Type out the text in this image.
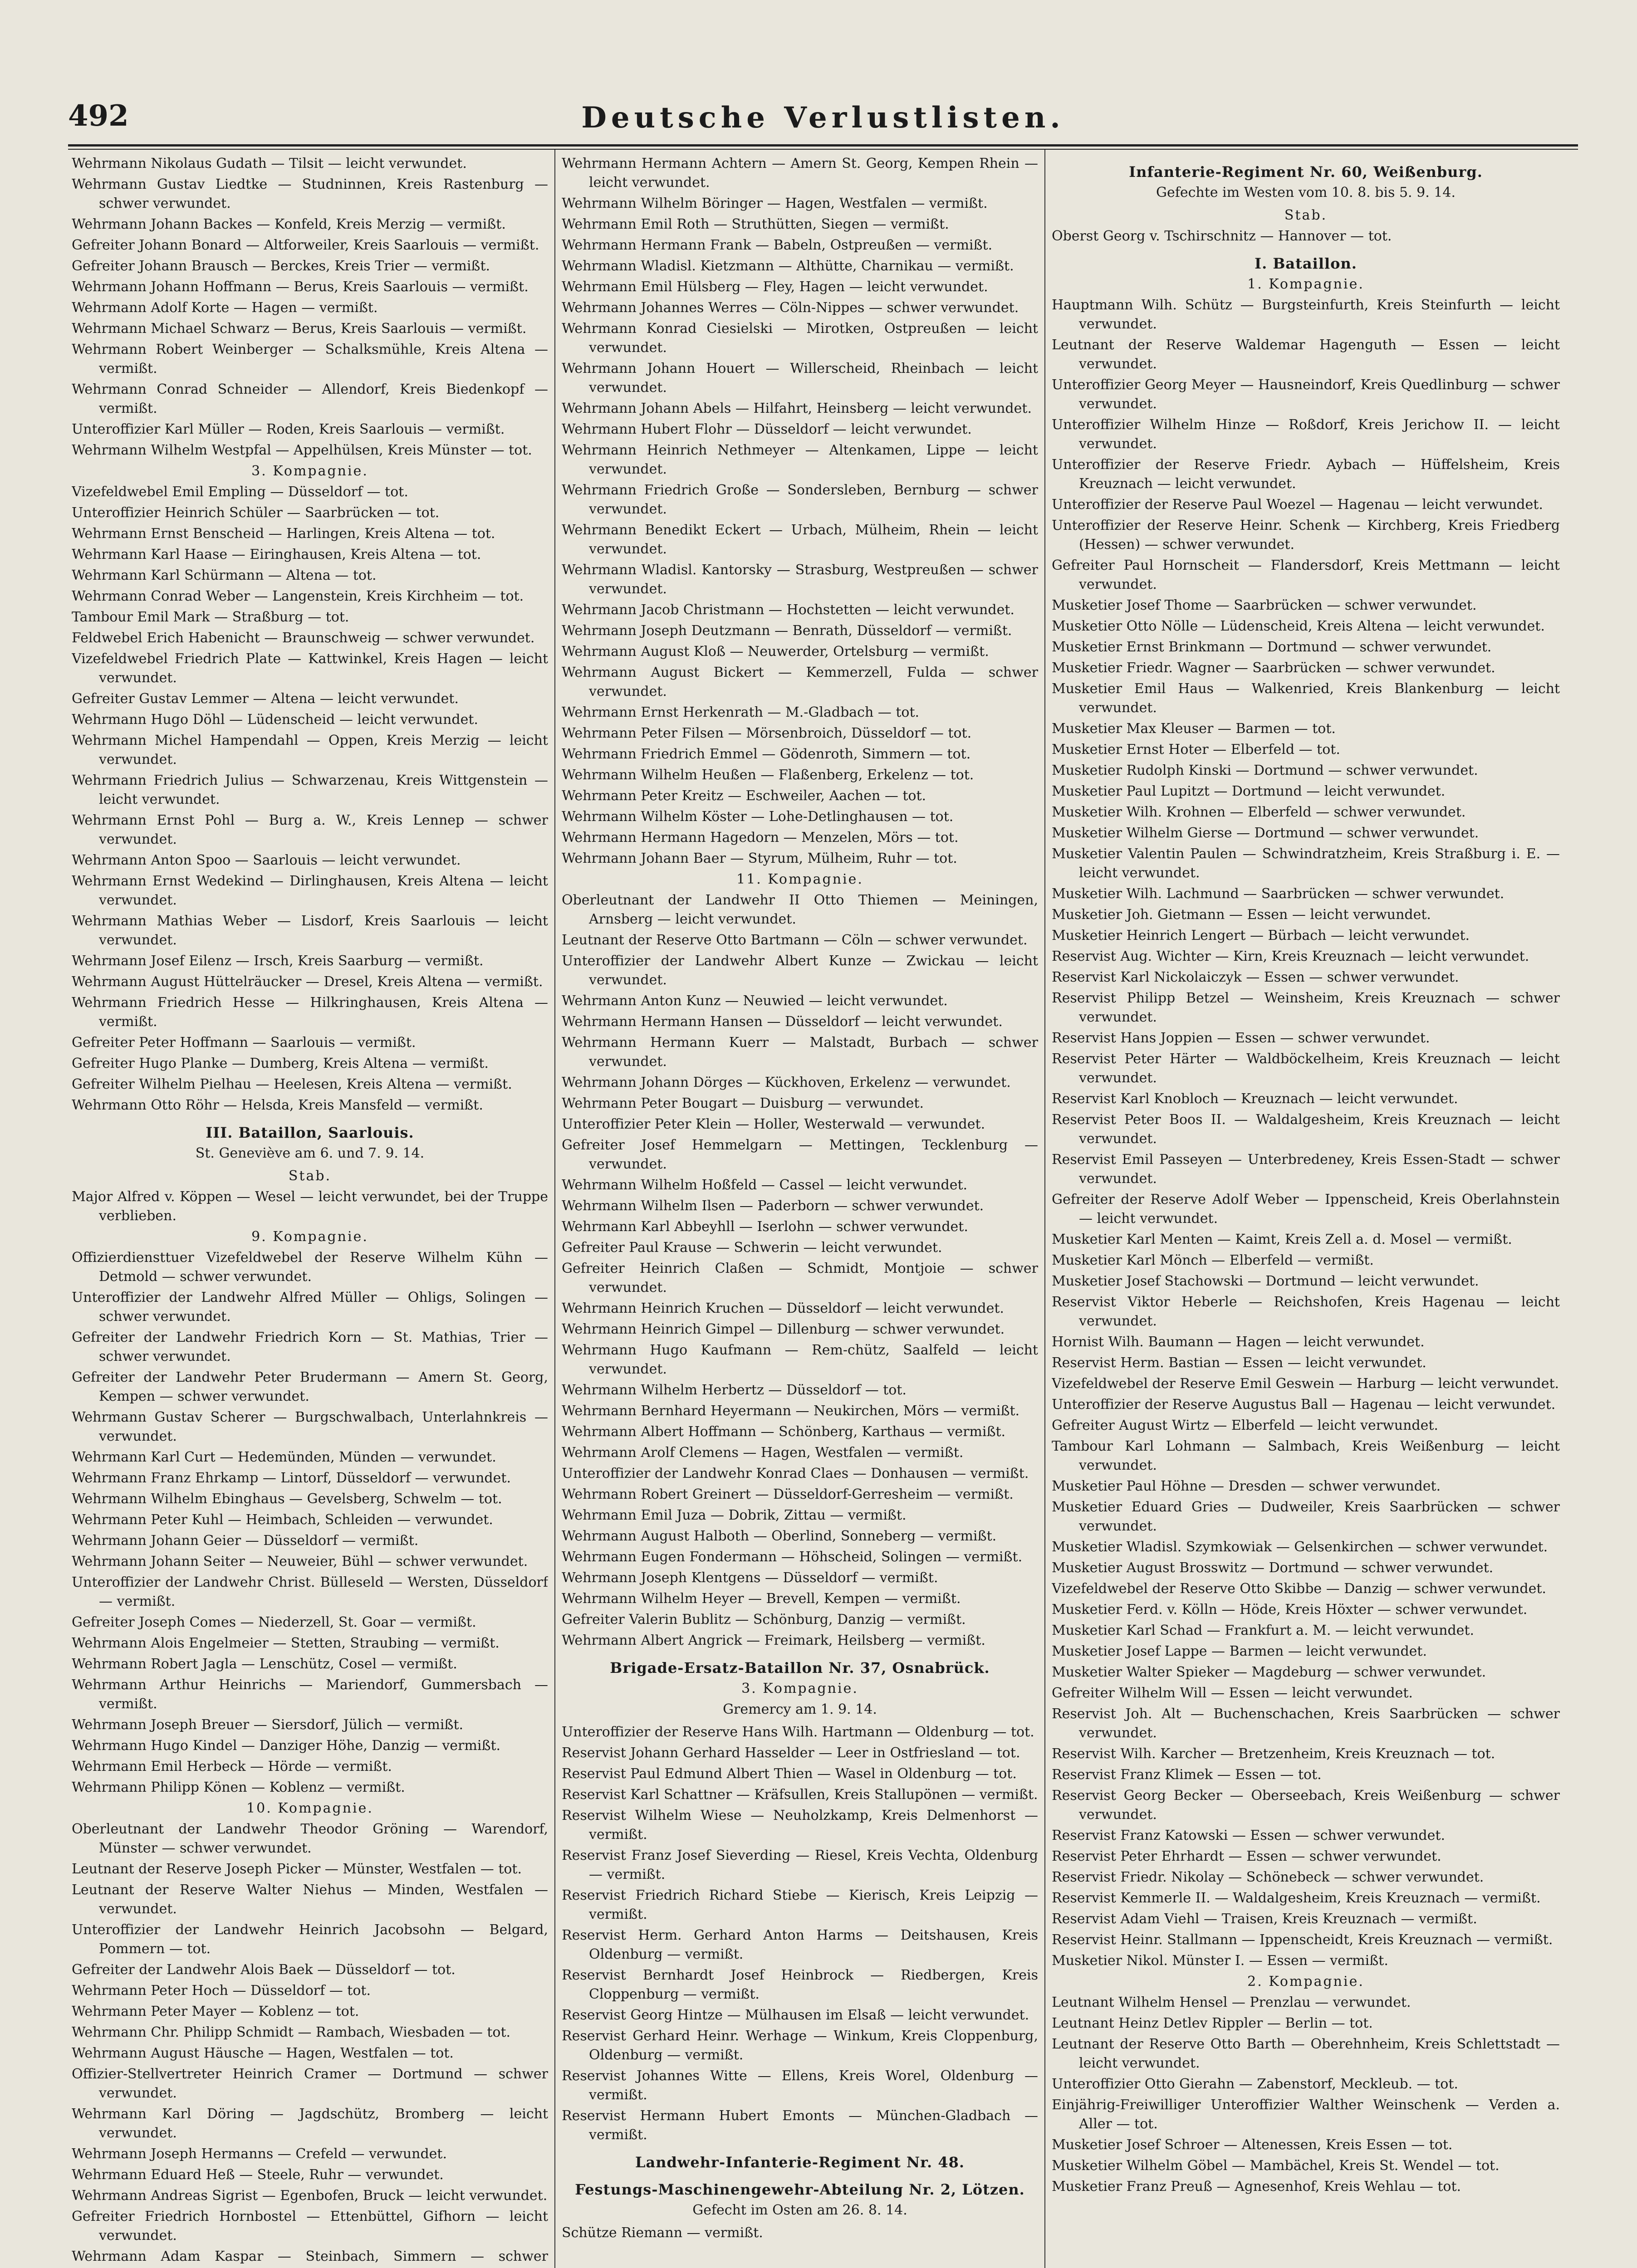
492	Deutsche Verlustlisten.

Wehrmann Nikolaus Gudath — Tilsit — leicht verwundet.

Wehrmann Gustav Liedtke — Studninnen, Kreis Rastenburg — schwer verwundet.

Wehrmann Johann Backes — Konfeld, Kreis Merzig — vermißt.

Gefreiter Johann Bonard — Altforweiler, Kreis Saarlouis — vermißt.

Gefreiter Johann Brausch — Berckes, Kreis Trier — vermißt.

Wehrmann Johann Hoffmann — Berus, Kreis Saarlouis — vermißt.

Wehrmann Adolf Korte — Hagen — vermißt.

Wehrmann Michael Schwarz — Berus, Kreis Saarlouis — vermißt.

Wehrmann Robert Weinberger — Schalksmühle, Kreis Altena — vermißt.

Wehrmann Conrad Schneider — Allendorf, Kreis Biedenkopf — vermißt.

Unteroffizier Karl Müller — Roden, Kreis Saarlouis — vermißt.

Wehrmann Wilhelm Westpfal — Appelhülsen, Kreis Münster — tot.

3. Kompagnie.

Vizefeldwebel Emil Empling — Düsseldorf — tot.

Unteroffizier Heinrich Schüler — Saarbrücken — tot.

Wehrmann Ernst Benscheid — Harlingen, Kreis Altena — tot.

Wehrmann Karl Haase — Eiringhausen, Kreis Altena — tot.

Wehrmann Karl Schürmann — Altena — tot.

Wehrmann Conrad Weber — Langenstein, Kreis Kirchheim — tot.

Tambour Emil Mark — Straßburg — tot.

Feldwebel Erich Habenicht — Braunschweig — schwer verwundet.

Vizefeldwebel Friedrich Plate — Kattwinkel, Kreis Hagen — leicht verwundet.

Gefreiter Gustav Lemmer — Altena — leicht verwundet.

Wehrmann Hugo Döhl — Lüdenscheid — leicht verwundet.

Wehrmann Michel Hampendahl — Oppen, Kreis Merzig — leicht verwundet.

Wehrmann Friedrich Julius — Schwarzenau, Kreis Wittgenstein — leicht verwundet.

Wehrmann Ernst Pohl — Burg a. W., Kreis Lennep — schwer verwundet.

Wehrmann Anton Spoo — Saarlouis — leicht verwundet.

Wehrmann Ernst Wedekind — Dirlinghausen, Kreis Altena — leicht verwundet.

Wehrmann Mathias Weber — Lisdorf, Kreis Saarlouis — leicht verwundet.

Wehrmann Josef Eilenz — Irsch, Kreis Saarburg — vermißt.

Wehrmann August Hüttelräucker — Dresel, Kreis Altena — vermißt.

Wehrmann Friedrich Hesse — Hilkringhausen, Kreis Altena — vermißt.

Gefreiter Peter Hoffmann — Saarlouis — vermißt.

Gefreiter Hugo Planke — Dumberg, Kreis Altena — vermißt.

Gefreiter Wilhelm Pielhau — Heelesen, Kreis Altena — vermißt.

Wehrmann Otto Röhr — Helsda, Kreis Mansfeld — vermißt.

III. Bataillon, Saarlouis.

St. Geneviève am 6. und 7. 9. 14.

Stab.

Major Alfred v. Köppen — Wesel — leicht verwundet, bei der Truppe verblieben.

9. Kompagnie.

Offizierdiensttuer Vizefeldwebel der Reserve Wilhelm Kühn — Detmold — schwer verwundet.

Unteroffizier der Landwehr Alfred Müller — Ohligs, Solingen — schwer verwundet.

Gefreiter der Landwehr Friedrich Korn — St. Mathias, Trier — schwer verwundet.

Gefreiter der Landwehr Peter Brudermann — Amern St. Georg, Kempen — schwer verwundet.

Wehrmann Gustav Scherer — Burgschwalbach, Unterlahnkreis — verwundet.

Wehrmann Karl Curt — Hedemünden, Münden — verwundet.

Wehrmann Franz Ehrkamp — Lintorf, Düsseldorf — verwundet.

Wehrmann Wilhelm Ebinghaus — Gevelsberg, Schwelm — tot.

Wehrmann Peter Kuhl — Heimbach, Schleiden — verwundet.

Wehrmann Johann Geier — Düsseldorf — vermißt.

Wehrmann Johann Seiter — Neuweier, Bühl — schwer verwundet.

Unteroffizier der Landwehr Christ. Bülleseld — Wersten, Düsseldorf — vermißt.

Gefreiter Joseph Comes — Niederzell, St. Goar — vermißt.

Wehrmann Alois Engelmeier — Stetten, Straubing — vermißt.

Wehrmann Robert Jagla — Lenschütz, Cosel — vermißt.

Wehrmann Arthur Heinrichs — Mariendorf, Gummersbach — vermißt.

Wehrmann Joseph Breuer — Siersdorf, Jülich — vermißt.

Wehrmann Hugo Kindel — Danziger Höhe, Danzig — vermißt.

Wehrmann Emil Herbeck — Hörde — vermißt.

Wehrmann Philipp Könen — Koblenz — vermißt.

10. Kompagnie.

Oberleutnant der Landwehr Theodor Gröning — Warendorf, Münster — schwer verwundet.

Leutnant der Reserve Joseph Picker — Münster, Westfalen — tot.

Leutnant der Reserve Walter Niehus — Minden, Westfalen — verwundet.

Unteroffizier der Landwehr Heinrich Jacobsohn — Belgard, Pommern — tot.

Gefreiter der Landwehr Alois Baek — Düsseldorf — tot.

Wehrmann Peter Hoch — Düsseldorf — tot.

Wehrmann Peter Mayer — Koblenz — tot.

Wehrmann Chr. Philipp Schmidt — Rambach, Wiesbaden — tot.

Wehrmann August Häusche — Hagen, Westfalen — tot.

Offizier-Stellvertreter Heinrich Cramer — Dortmund — schwer verwundet.

Wehrmann Karl Döring — Jagdschütz, Bromberg — leicht verwundet.

Wehrmann Joseph Hermanns — Crefeld — verwundet.

Wehrmann Eduard Heß — Steele, Ruhr — verwundet.

Wehrmann Andreas Sigrist — Egenbofen, Bruck — leicht verwundet.

Gefreiter Friedrich Hornbostel — Ettenbüttel, Gifhorn — leicht verwundet.

Wehrmann Adam Kaspar — Steinbach, Simmern — schwer

Wehrmann Hermann Achtern — Amern St. Georg, Kempen Rhein — leicht verwundet.

Wehrmann Wilhelm Böringer — Hagen, Westfalen — vermißt.

Wehrmann Emil Roth — Struthütten, Siegen — vermißt.

Wehrmann Hermann Frank — Babeln, Ostpreußen — vermißt.

Wehrmann Wladisl. Kietzmann — Althütte, Charnikau — vermißt.

Wehrmann Emil Hülsberg — Fley, Hagen — leicht verwundet.

Wehrmann Johannes Werres — Cöln-Nippes — schwer verwundet.

Wehrmann Konrad Ciesielski — Mirotken, Ostpreußen — leicht verwundet.

Wehrmann Johann Houert — Willerscheid, Rheinbach — leicht verwundet.

Wehrmann Johann Abels — Hilfahrt, Heinsberg — leicht verwundet.

Wehrmann Hubert Flohr — Düsseldorf — leicht verwundet.

Wehrmann Heinrich Nethmeyer — Altenkamen, Lippe — leicht verwundet.

Wehrmann Friedrich Große — Sondersleben, Bernburg — schwer verwundet.

Wehrmann Benedikt Eckert — Urbach, Mülheim, Rhein — leicht verwundet.

Wehrmann Wladisl. Kantorsky — Strasburg, Westpreußen — schwer verwundet.

Wehrmann Jacob Christmann — Hochstetten — leicht verwundet.

Wehrmann Joseph Deutzmann — Benrath, Düsseldorf — vermißt.

Wehrmann August Kloß — Neuwerder, Ortelsburg — vermißt.

Wehrmann August Bickert — Kemmerzell, Fulda — schwer verwundet.

Wehrmann Ernst Herkenrath — M.-Gladbach — tot.

Wehrmann Peter Filsen — Mörsenbroich, Düsseldorf — tot.

Wehrmann Friedrich Emmel — Gödenroth, Simmern — tot.

Wehrmann Wilhelm Heußen — Flaßenberg, Erkelenz — tot.

Wehrmann Peter Kreitz — Eschweiler, Aachen — tot.

Wehrmann Wilhelm Köster — Lohe-Detlinghausen — tot.

Wehrmann Hermann Hagedorn — Menzelen, Mörs — tot.

Wehrmann Johann Baer — Styrum, Mülheim, Ruhr — tot.

11. Kompagnie.

Oberleutnant der Landwehr II Otto Thiemen — Meiningen, Arnsberg — leicht verwundet.

Leutnant der Reserve Otto Bartmann — Cöln — schwer verwundet.

Unteroffizier der Landwehr Albert Kunze — Zwickau — leicht verwundet.

Wehrmann Anton Kunz — Neuwied — leicht verwundet.

Wehrmann Hermann Hansen — Düsseldorf — leicht verwundet.

Wehrmann Hermann Kuerr — Malstadt, Burbach — schwer verwundet.

Wehrmann Johann Dörges — Kückhoven, Erkelenz — verwundet.

Wehrmann Peter Bougart — Duisburg — verwundet.

Unteroffizier Peter Klein — Holler, Westerwald — verwundet.

Gefreiter Josef Hemmelgarn — Mettingen, Tecklenburg — verwundet.

Wehrmann Wilhelm Hoßfeld — Cassel — leicht verwundet.

Wehrmann Wilhelm Ilsen — Paderborn — schwer verwundet.

Wehrmann Karl Abbeyhll — Iserlohn — schwer verwundet.

Gefreiter Paul Krause — Schwerin — leicht verwundet.

Gefreiter Heinrich Claßen — Schmidt, Montjoie — schwer verwundet.

Wehrmann Heinrich Kruchen — Düsseldorf — leicht verwundet.

Wehrmann Heinrich Gimpel — Dillenburg — schwer verwundet.

Wehrmann Hugo Kaufmann — Rem-chütz, Saalfeld — leicht verwundet.

Wehrmann Wilhelm Herbertz — Düsseldorf — tot.

Wehrmann Bernhard Heyermann — Neukirchen, Mörs — vermißt.

Wehrmann Albert Hoffmann — Schönberg, Karthaus — vermißt.

Wehrmann Arolf Clemens — Hagen, Westfalen — vermißt.

Unteroffizier der Landwehr Konrad Claes — Donhausen — vermißt.

Wehrmann Robert Greinert — Düsseldorf-Gerresheim — vermißt.

Wehrmann Emil Juza — Dobrik, Zittau — vermißt.

Wehrmann August Halboth — Oberlind, Sonneberg — vermißt.

Wehrmann Eugen Fondermann — Höhscheid, Solingen — vermißt.

Wehrmann Joseph Klentgens — Düsseldorf — vermißt.

Wehrmann Wilhelm Heyer — Brevell, Kempen — vermißt.

Gefreiter Valerin Bublitz — Schönburg, Danzig — vermißt.

Wehrmann Albert Angrick — Freimark, Heilsberg — vermißt.

Brigade-Ersatz-Bataillon Nr. 37, Osnabrück.

3. Kompagnie.

Gremercy am 1. 9. 14.

Unteroffizier der Reserve Hans Wilh. Hartmann — Oldenburg — tot.

Reservist Johann Gerhard Hasselder — Leer in Ostfriesland — tot.

Reservist Paul Edmund Albert Thien — Wasel in Oldenburg — tot.

Reservist Karl Schattner — Kräfsullen, Kreis Stallupönen — vermißt.

Reservist Wilhelm Wiese — Neuholzkamp, Kreis Delmenhorst — vermißt.

Reservist Franz Josef Sieverding — Riesel, Kreis Vechta, Oldenburg — vermißt.

Reservist Friedrich Richard Stiebe — Kierisch, Kreis Leipzig — vermißt.

Reservist Herm. Gerhard Anton Harms — Deitshausen, Kreis Oldenburg — vermißt.

Reservist Bernhardt Josef Heinbrock — Riedbergen, Kreis Cloppenburg — vermißt.

Reservist Georg Hintze — Mülhausen im Elsaß — leicht verwundet.

Reservist Gerhard Heinr. Werhage — Winkum, Kreis Cloppenburg, Oldenburg — vermißt.

Reservist Johannes Witte — Ellens, Kreis Worel, Oldenburg — vermißt.

Reservist Hermann Hubert Emonts — München-Gladbach — vermißt.

Landwehr-Infanterie-Regiment Nr. 48.

Festungs-Maschinengewehr-Abteilung Nr. 2, Lötzen.

Gefecht im Osten am 26. 8. 14.

Schütze Riemann — vermißt.

Infanterie-Regiment Nr. 60, Weißenburg.

Gefechte im Westen vom 10. 8. bis 5. 9. 14.

Stab.

Oberst Georg v. Tschirschnitz — Hannover — tot.

I. Bataillon.

1. Kompagnie.

Hauptmann Wilh. Schütz — Burgsteinfurth, Kreis Steinfurth — leicht verwundet.

Leutnant der Reserve Waldemar Hagenguth — Essen — leicht verwundet.

Unteroffizier Georg Meyer — Hausneindorf, Kreis Quedlinburg — schwer verwundet.

Unteroffizier Wilhelm Hinze — Roßdorf, Kreis Jerichow II. — leicht verwundet.

Unteroffizier der Reserve Friedr. Aybach — Hüffelsheim, Kreis Kreuznach — leicht verwundet.

Unteroffizier der Reserve Paul Woezel — Hagenau — leicht verwundet.

Unteroffizier der Reserve Heinr. Schenk — Kirchberg, Kreis Friedberg (Hessen) — schwer verwundet.

Gefreiter Paul Hornscheit — Flandersdorf, Kreis Mettmann — leicht verwundet.

Musketier Josef Thome — Saarbrücken — schwer verwundet.

Musketier Otto Nölle — Lüdenscheid, Kreis Altena — leicht verwundet.

Musketier Ernst Brinkmann — Dortmund — schwer verwundet.

Musketier Friedr. Wagner — Saarbrücken — schwer verwundet.

Musketier Emil Haus — Walkenried, Kreis Blankenburg — leicht verwundet.

Musketier Max Kleuser — Barmen — tot.

Musketier Ernst Hoter — Elberfeld — tot.

Musketier Rudolph Kinski — Dortmund — schwer verwundet.

Musketier Paul Lupitzt — Dortmund — leicht verwundet.

Musketier Wilh. Krohnen — Elberfeld — schwer verwundet.

Musketier Wilhelm Gierse — Dortmund — schwer verwundet.

Musketier Valentin Paulen — Schwindratzheim, Kreis Straßburg i. E. — leicht verwundet.

Musketier Wilh. Lachmund — Saarbrücken — schwer verwundet.

Musketier Joh. Gietmann — Essen — leicht verwundet.

Musketier Heinrich Lengert — Bürbach — leicht verwundet.

Reservist Aug. Wichter — Kirn, Kreis Kreuznach — leicht verwundet.

Reservist Karl Nickolaiczyk — Essen — schwer verwundet.

Reservist Philipp Betzel — Weinsheim, Kreis Kreuznach — schwer verwundet.

Reservist Hans Joppien — Essen — schwer verwundet.

Reservist Peter Härter — Waldböckelheim, Kreis Kreuznach — leicht verwundet.

Reservist Karl Knobloch — Kreuznach — leicht verwundet.

Reservist Peter Boos II. — Waldalgesheim, Kreis Kreuznach — leicht verwundet.

Reservist Emil Passeyen — Unterbredeney, Kreis Essen-Stadt — schwer verwundet.

Gefreiter der Reserve Adolf Weber — Ippenscheid, Kreis Oberlahnstein — leicht verwundet.

Musketier Karl Menten — Kaimt, Kreis Zell a. d. Mosel — vermißt.

Musketier Karl Mönch — Elberfeld — vermißt.

Musketier Josef Stachowski — Dortmund — leicht verwundet.

Reservist Viktor Heberle — Reichshofen, Kreis Hagenau — leicht verwundet.

Hornist Wilh. Baumann — Hagen — leicht verwundet.

Reservist Herm. Bastian — Essen — leicht verwundet.

Vizefeldwebel der Reserve Emil Geswein — Harburg — leicht verwundet.

Unteroffizier der Reserve Augustus Ball — Hagenau — leicht verwundet.

Gefreiter August Wirtz — Elberfeld — leicht verwundet.

Tambour Karl Lohmann — Salmbach, Kreis Weißenburg — leicht verwundet.

Musketier Paul Höhne — Dresden — schwer verwundet.

Musketier Eduard Gries — Dudweiler, Kreis Saarbrücken — schwer verwundet.

Musketier Wladisl. Szymkowiak — Gelsenkirchen — schwer verwundet.

Musketier August Brosswitz — Dortmund — schwer verwundet.

Vizefeldwebel der Reserve Otto Skibbe — Danzig — schwer verwundet.

Musketier Ferd. v. Kölln — Höde, Kreis Höxter — schwer verwundet.

Musketier Karl Schad — Frankfurt a. M. — leicht verwundet.

Musketier Josef Lappe — Barmen — leicht verwundet.

Musketier Walter Spieker — Magdeburg — schwer verwundet.

Gefreiter Wilhelm Will — Essen — leicht verwundet.

Reservist Joh. Alt — Buchenschachen, Kreis Saarbrücken — schwer verwundet.

Reservist Wilh. Karcher — Bretzenheim, Kreis Kreuznach — tot.

Reservist Franz Klimek — Essen — tot.

Reservist Georg Becker — Oberseebach, Kreis Weißenburg — schwer verwundet.

Reservist Franz Katowski — Essen — schwer verwundet.

Reservist Peter Ehrhardt — Essen — schwer verwundet.

Reservist Friedr. Nikolay — Schönebeck — schwer verwundet.

Reservist Kemmerle II. — Waldalgesheim, Kreis Kreuznach — vermißt.

Reservist Adam Viehl — Traisen, Kreis Kreuznach — vermißt.

Reservist Heinr. Stallmann — Ippenscheidt, Kreis Kreuznach — vermißt.

Musketier Nikol. Münster I. — Essen — vermißt.

2. Kompagnie.

Leutnant Wilhelm Hensel — Prenzlau — verwundet.

Leutnant Heinz Detlev Rippler — Berlin — tot.

Leutnant der Reserve Otto Barth — Oberehnheim, Kreis Schlettstadt — leicht verwundet.

Unteroffizier Otto Gierahn — Zabenstorf, Meckleub. — tot.

Einjährig-Freiwilliger Unteroffizier Walther Weinschenk — Verden a. Aller — tot.

Musketier Josef Schroer — Altenessen, Kreis Essen — tot.

Musketier Wilhelm Göbel — Mambächel, Kreis St. Wendel — tot.

Musketier Franz Preuß — Agnesenhof, Kreis Wehlau — tot.
